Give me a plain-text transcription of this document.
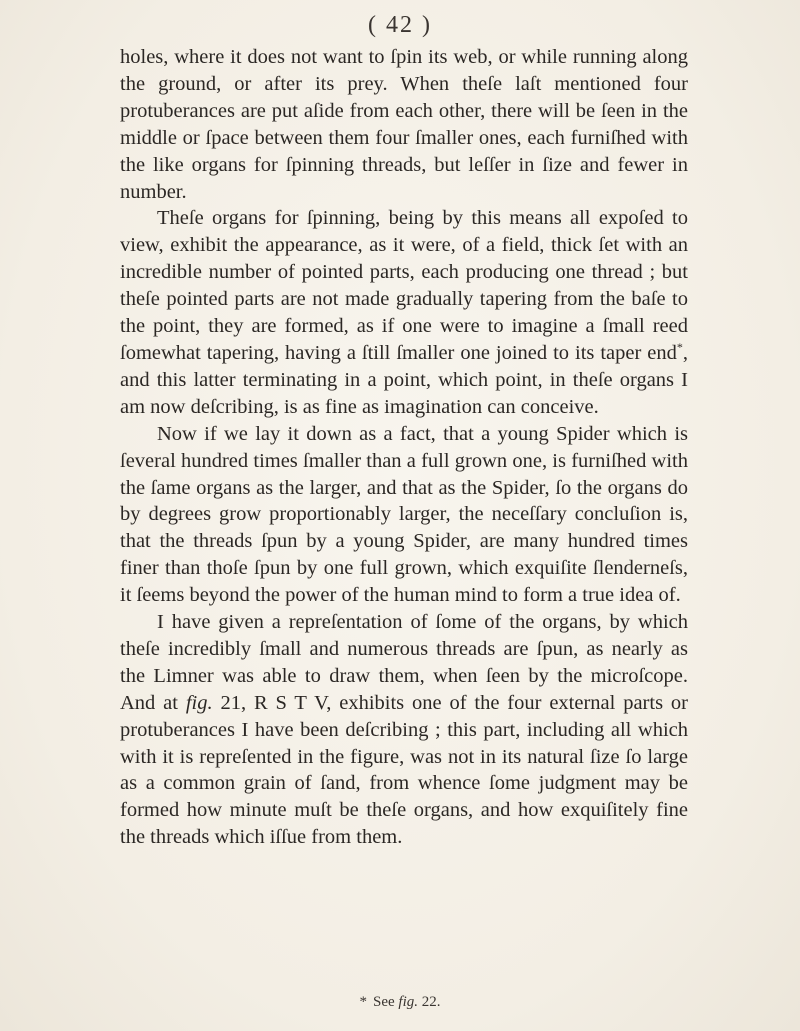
( 42 )

holes, where it does not want to ſpin its web, or while running along the ground, or after its prey. When theſe laſt mentioned four protuberances are put aſide from each other, there will be ſeen in the middle or ſpace between them four ſmaller ones, each furniſhed with the like organs for ſpinning threads, but leſſer in ſize and fewer in number.

Theſe organs for ſpinning, being by this means all expoſed to view, exhibit the appearance, as it were, of a field, thick ſet with an incredible number of pointed parts, each producing one thread ; but theſe pointed parts are not made gradually tapering from the baſe to the point, they are formed, as if one were to imagine a ſmall reed ſomewhat tapering, having a ſtill ſmaller one joined to its taper end*, and this latter terminating in a point, which point, in theſe organs I am now deſcribing, is as fine as imagination can conceive.

Now if we lay it down as a fact, that a young Spider which is ſeveral hundred times ſmaller than a full grown one, is furniſhed with the ſame organs as the larger, and that as the Spider, ſo the organs do by degrees grow proportionably larger, the neceſſary concluſion is, that the threads ſpun by a young Spider, are many hundred times finer than thoſe ſpun by one full grown, which exquiſite ſlenderneſs, it ſeems beyond the power of the human mind to form a true idea of.

I have given a repreſentation of ſome of the organs, by which theſe incredibly ſmall and numerous threads are ſpun, as nearly as the Limner was able to draw them, when ſeen by the microſcope. And at fig. 21, R S T V, exhibits one of the four external parts or protuberances I have been deſcribing ; this part, including all which with it is repreſented in the figure, was not in its natural ſize ſo large as a common grain of ſand, from whence ſome judgment may be formed how minute muſt be theſe organs, and how exquiſitely fine the threads which iſſue from them.

* See fig. 22.
